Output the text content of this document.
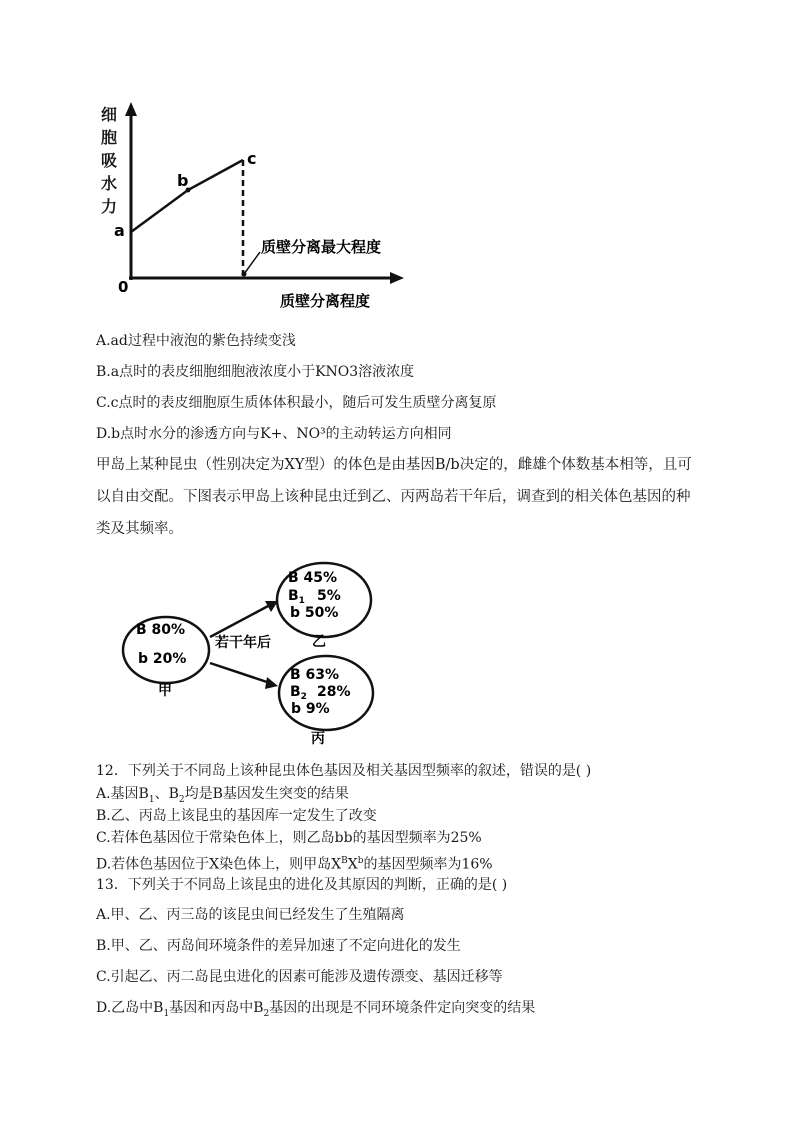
细
胞
吸
水
力
a
b
c
0
质壁分离最大程度
质壁分离程度
A.ad过程中液泡的紫色持续变浅
B.a点时的表皮细胞细胞液浓度小于KNO3溶液浓度
C.c点时的表皮细胞原生质体体积最小，随后可发生质壁分离复原
D.b点时水分的渗透方向与K+、NO³的主动转运方向相同
甲岛上某种昆虫（性别决定为XY型）的体色是由基因B/b决定的，雌雄个体数基本相等，且可以自由交配。下图表示甲岛上该种昆虫迁到乙、丙两岛若干年后，调查到的相关体色基因的种类及其频率。
若干年后
B 80%
b 20%
甲
B 45%
$B_1$ 5%
b 50%
乙
B 63%
$B_2$ 28%
b 9%
丙
12．下列关于不同岛上该种昆虫体色基因及相关基因型频率的叙述，错误的是( )
A.基因$B_1$、$B_2$均是B基因发生突变的结果
B.乙、丙岛上该昆虫的基因库一定发生了改变
C.若体色基因位于常染色体上，则乙岛bb的基因型频率为25%
D.若体色基因位于X染色体上，则甲岛$X^BX^b$的基因型频率为16%
13．下列关于不同岛上该昆虫的进化及其原因的判断，正确的是( )
A.甲、乙、丙三岛的该昆虫间已经发生了生殖隔离
B.甲、乙、丙岛间环境条件的差异加速了不定向进化的发生
C.引起乙、丙二岛昆虫进化的因素可能涉及遗传漂变、基因迁移等
D.乙岛中$B_1$基因和丙岛中$B_2$基因的出现是不同环境条件定向突变的结果
